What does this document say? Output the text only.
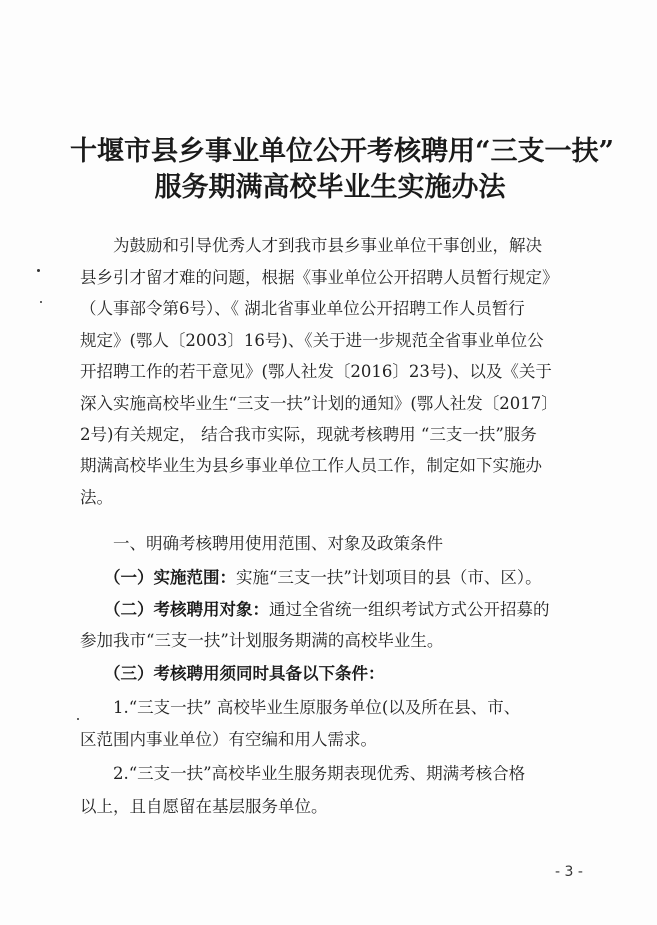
十堰市县乡事业单位公开考核聘用“三支一扶”
服务期满高校毕业生实施办法
为鼓励和引导优秀人才到我市县乡事业单位干事创业，解决
县乡引才留才难的问题，根据《事业单位公开招聘人员暂行规定》
（人事部令第6号）、《 湖北省事业单位公开招聘工作人员暂行
规定》(鄂人〔2003〕16号)、《关于进一步规范全省事业单位公
开招聘工作的若干意见》(鄂人社发〔2016〕23号)、以及《关于
深入实施高校毕业生“三支一扶”计划的通知》(鄂人社发〔2017〕
2号)有关规定， 结合我市实际，现就考核聘用 “三支一扶”服务
期满高校毕业生为县乡事业单位工作人员工作，制定如下实施办
法。
一、明确考核聘用使用范围、对象及政策条件
（一）实施范围：实施“三支一扶”计划项目的县（市、区）。
（二）考核聘用对象：通过全省统一组织考试方式公开招募的
参加我市“三支一扶”计划服务期满的高校毕业生。
（三）考核聘用须同时具备以下条件：
1.“三支一扶” 高校毕业生原服务单位(以及所在县、市、
区范围内事业单位）有空编和用人需求。
2.“三支一扶”高校毕业生服务期表现优秀、期满考核合格
以上，且自愿留在基层服务单位。
- 3 -
